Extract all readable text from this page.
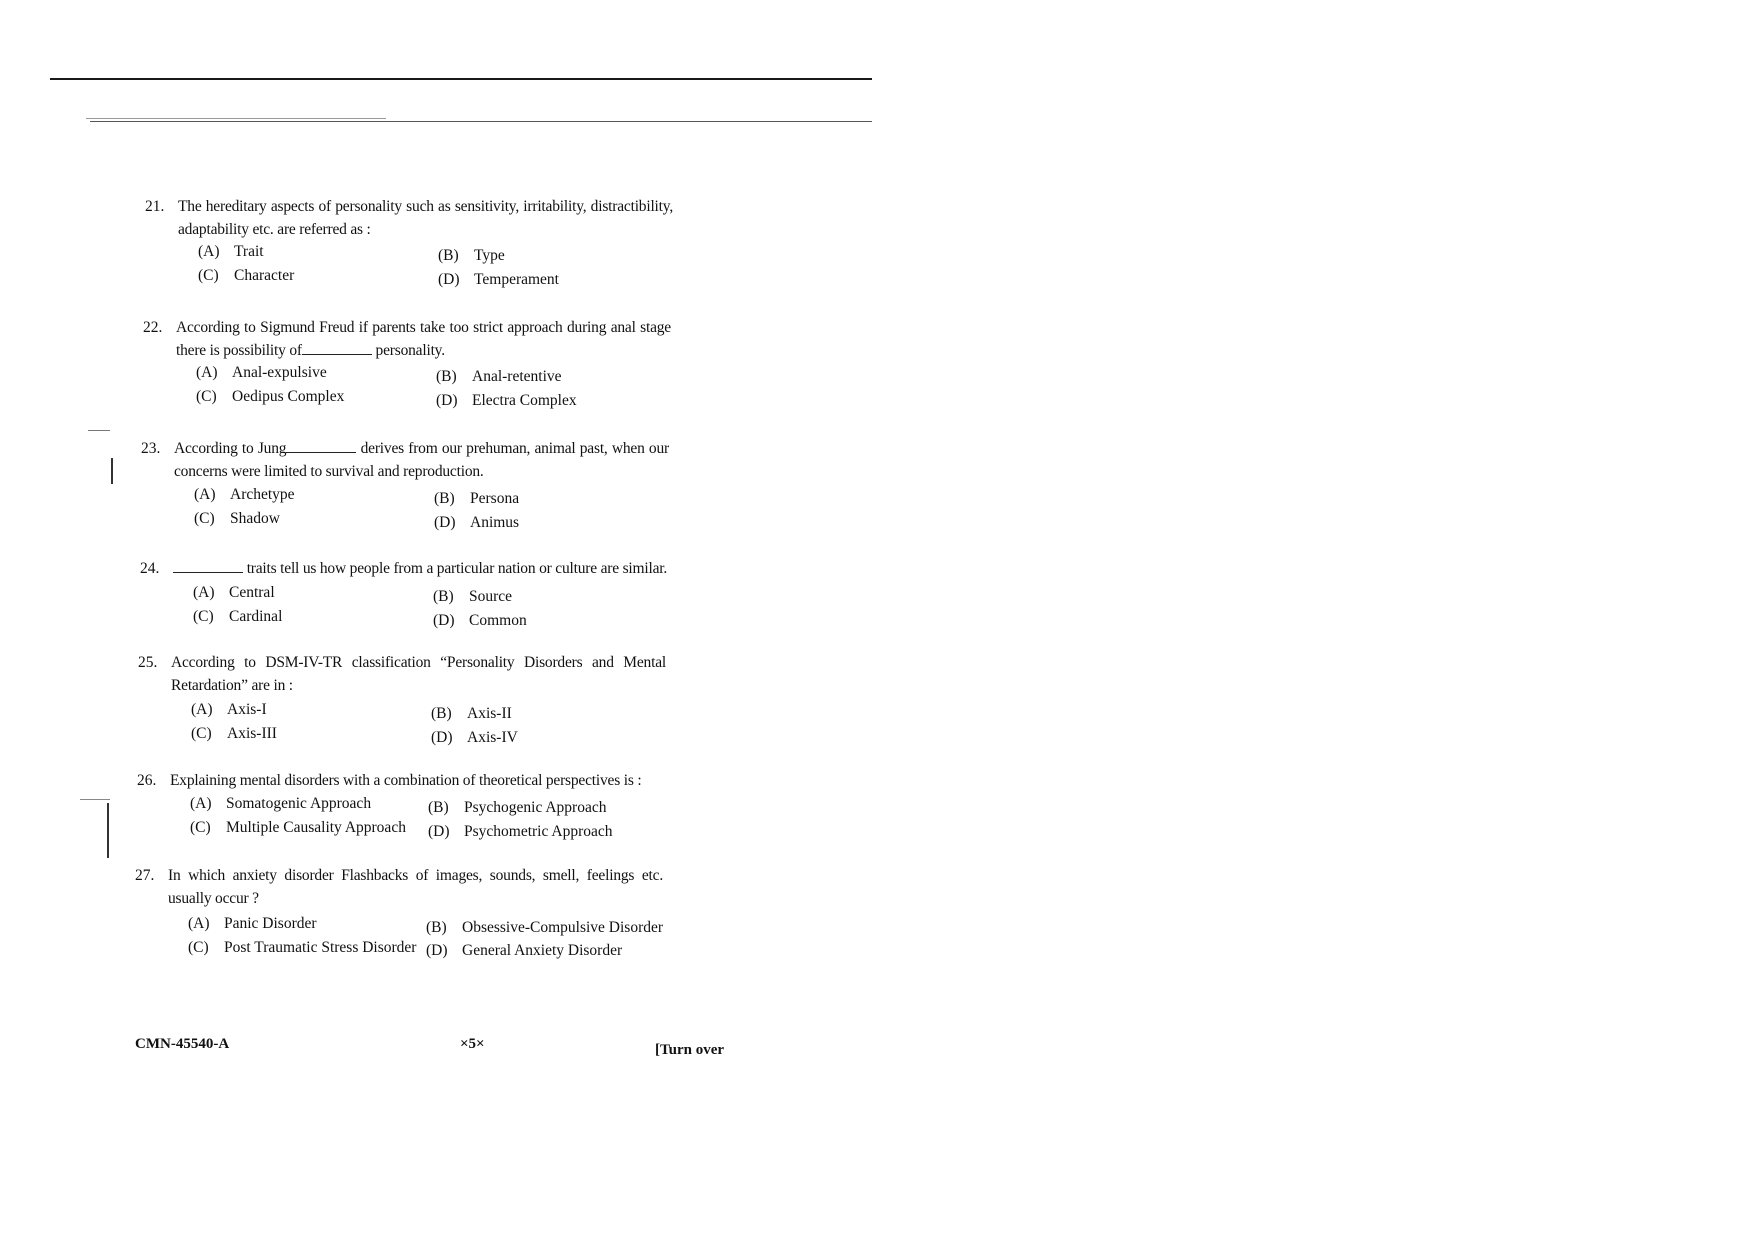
21. The hereditary aspects of personality such as sensitivity, irritability, distractibility, adaptability etc. are referred as :
(A) Trait	(B) Type
(C) Character	(D) Temperament
22. According to Sigmund Freud if parents take too strict approach during anal stage there is possibility of	personality.
(A) Anal-expulsive	(B) Anal-retentive
(C) Oedipus Complex	(D) Electra Complex
23. According to Jung	derives from our prehuman, animal past, when our concerns were limited to survival and reproduction.
(A) Archetype	(B) Persona
(C) Shadow	(D) Animus
24.	traits tell us how people from a particular nation or culture are similar.
(A) Central	(B) Source
(C) Cardinal	(D) Common
25. According to DSM-IV-TR classification “Personality Disorders and Mental Retardation” are in :
(A) Axis-I	(B) Axis-II
(C) Axis-III	(D) Axis-IV
26. Explaining mental disorders with a combination of theoretical perspectives is :
(A) Somatogenic Approach	(B) Psychogenic Approach
(C) Multiple Causality Approach (D) Psychometric Approach
27. In which anxiety disorder Flashbacks of images, sounds, smell, feelings etc. usually occur ?
(A) Panic Disorder	(B) Obsessive-Compulsive Disorder
(C) Post Traumatic Stress Disorder (D) General Anxiety Disorder
CMN-45540-A	×5×	[Turn over
